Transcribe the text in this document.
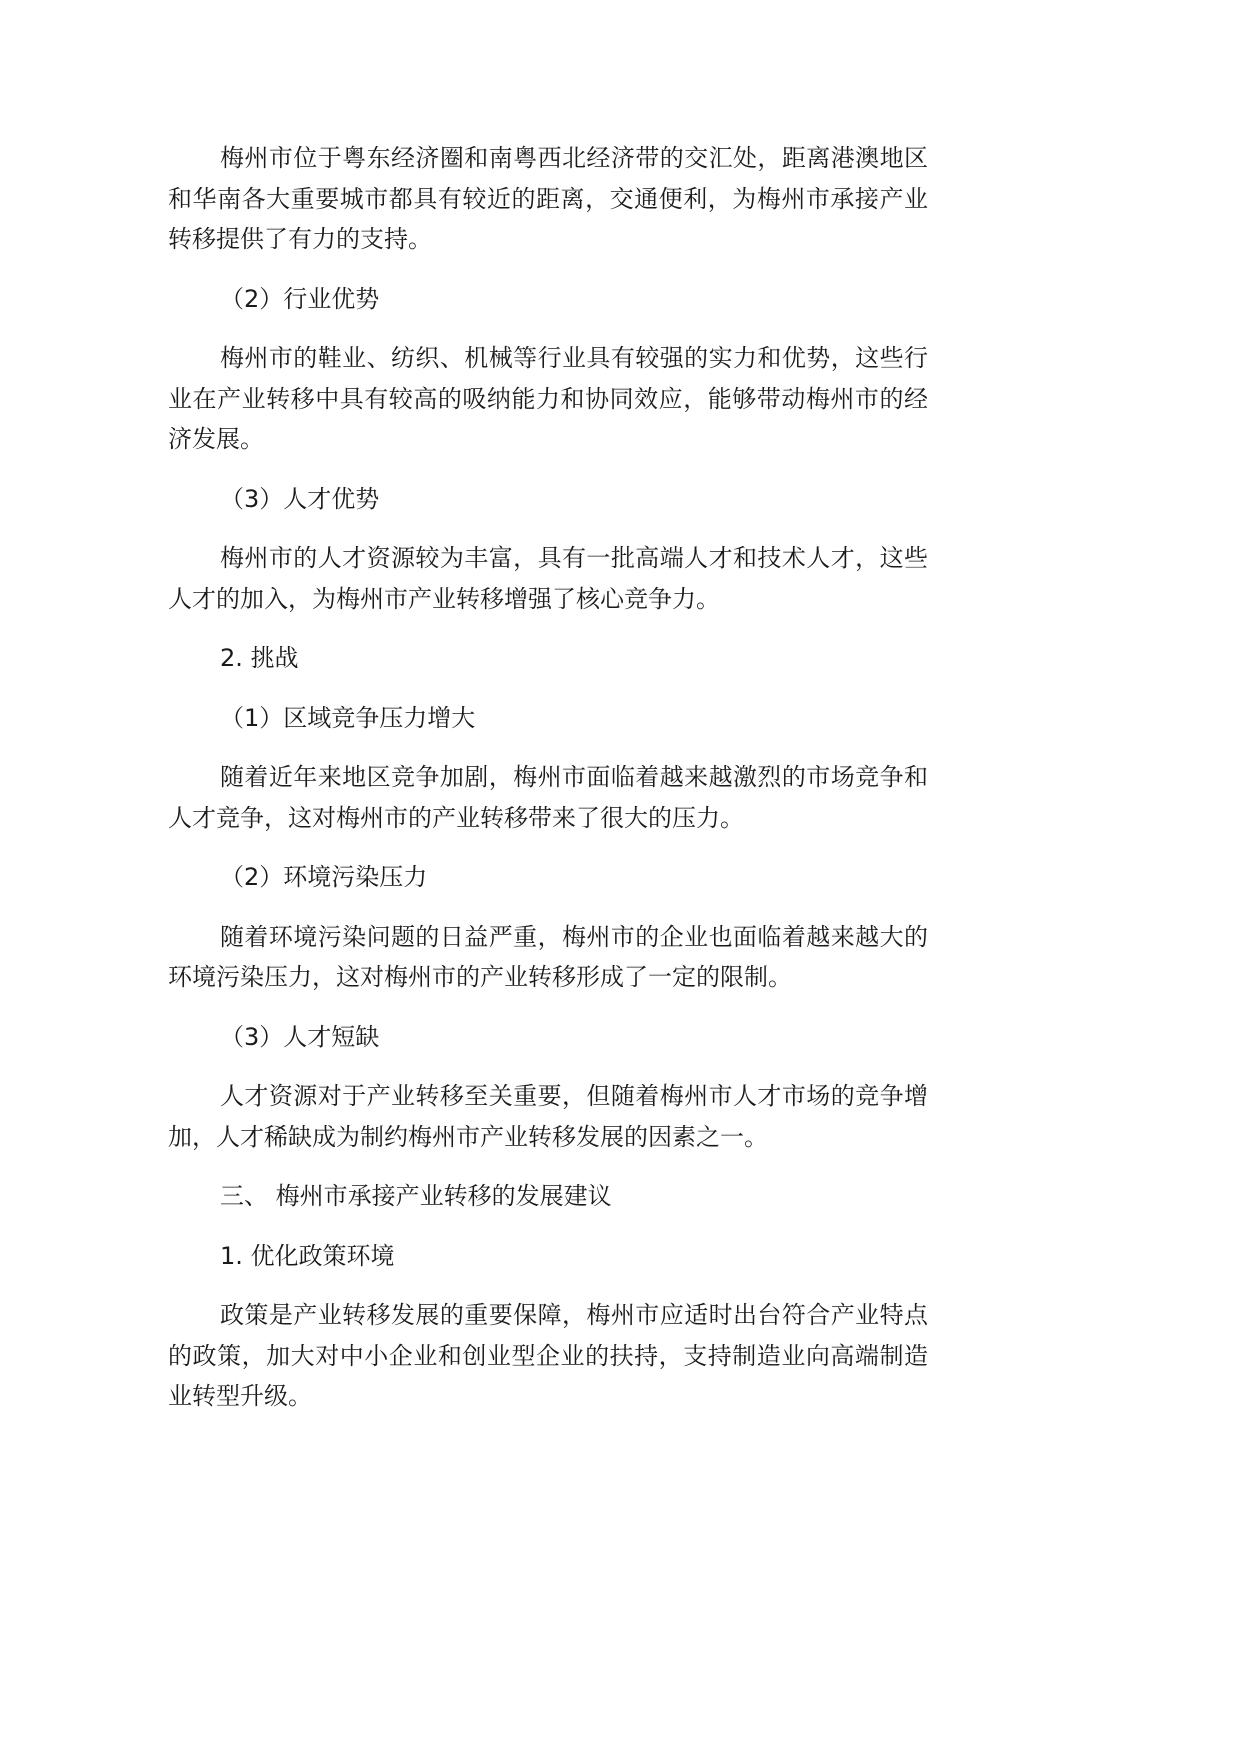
梅州市位于粤东经济圈和南粤西北经济带的交汇处，距离港澳地区和华南各大重要城市都具有较近的距离，交通便利，为梅州市承接产业转移提供了有力的支持。

（2）行业优势

梅州市的鞋业、纺织、机械等行业具有较强的实力和优势，这些行业在产业转移中具有较高的吸纳能力和协同效应，能够带动梅州市的经济发展。

（3）人才优势

梅州市的人才资源较为丰富，具有一批高端人才和技术人才，这些人才的加入，为梅州市产业转移增强了核心竞争力。

2. 挑战

（1）区域竞争压力增大

随着近年来地区竞争加剧，梅州市面临着越来越激烈的市场竞争和人才竞争，这对梅州市的产业转移带来了很大的压力。

（2）环境污染压力

随着环境污染问题的日益严重，梅州市的企业也面临着越来越大的环境污染压力，这对梅州市的产业转移形成了一定的限制。

（3）人才短缺

人才资源对于产业转移至关重要，但随着梅州市人才市场的竞争增加，人才稀缺成为制约梅州市产业转移发展的因素之一。

三、 梅州市承接产业转移的发展建议

1. 优化政策环境

政策是产业转移发展的重要保障，梅州市应适时出台符合产业特点的政策，加大对中小企业和创业型企业的扶持，支持制造业向高端制造业转型升级。
